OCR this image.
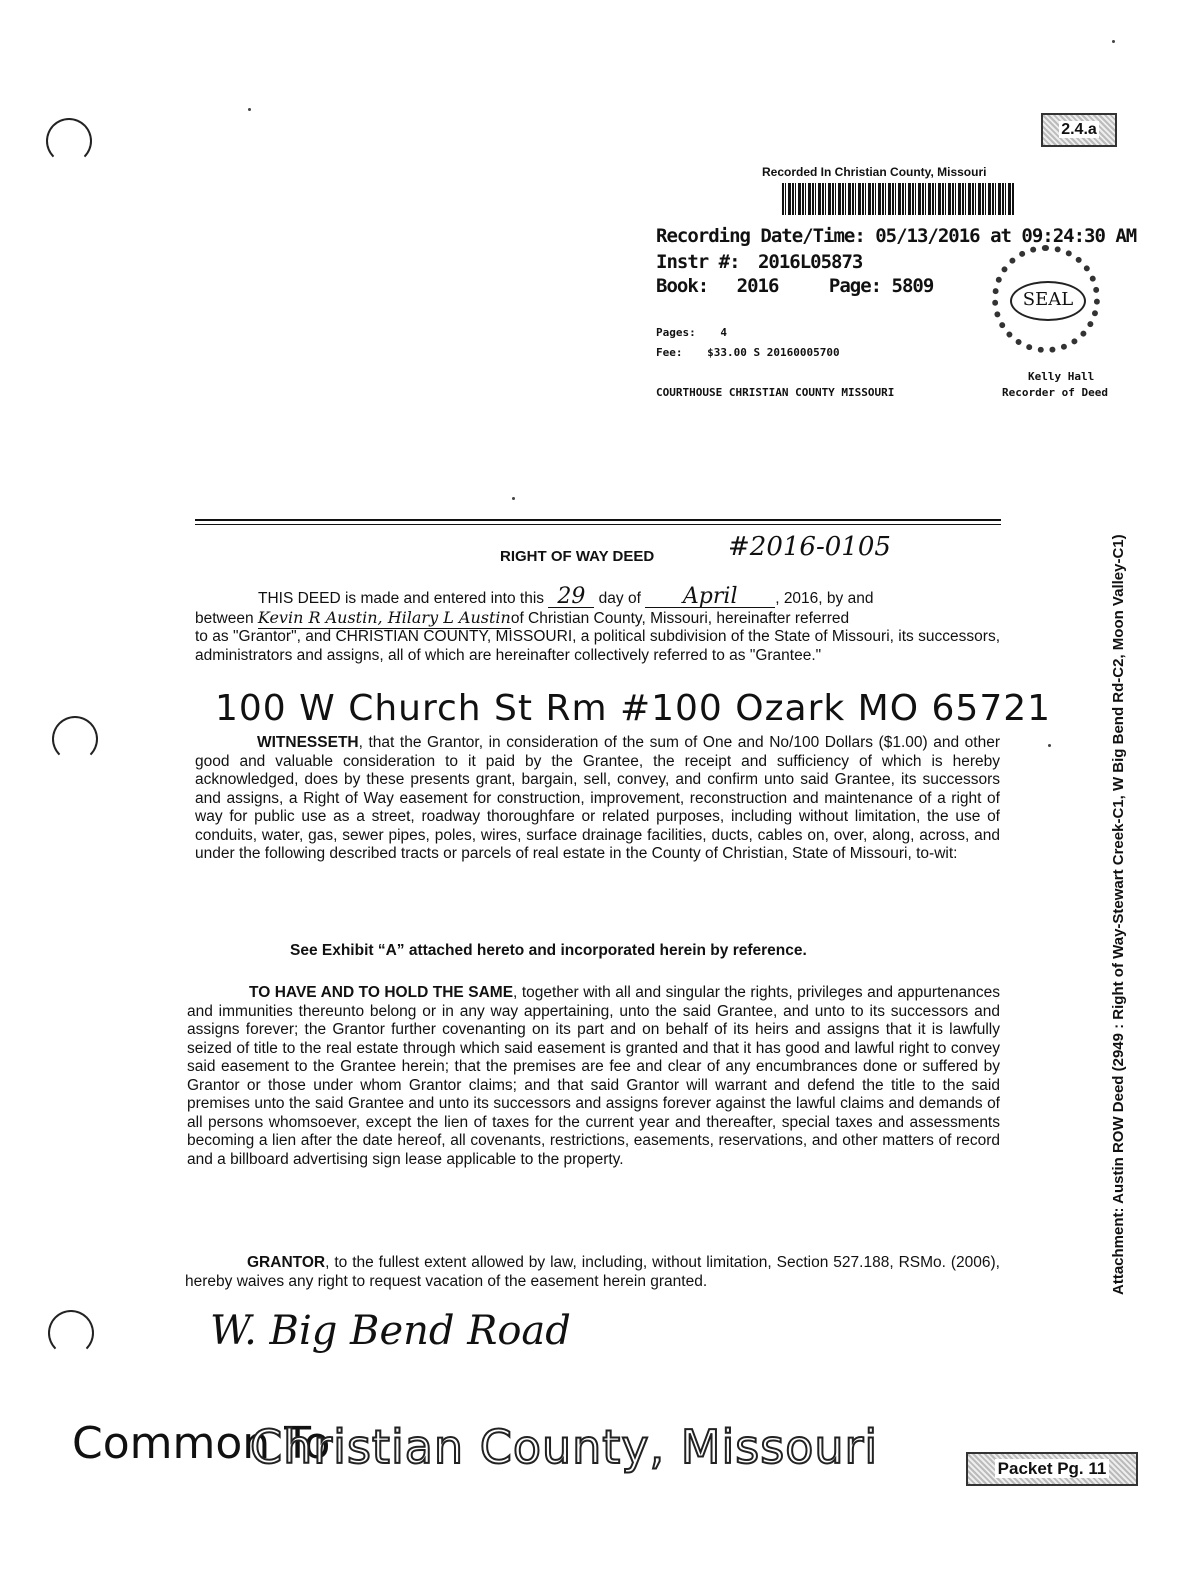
2.4.a
Recorded In Christian County, Missouri
Recording Date/Time: 05/13/2016 at 09:24:30 AM
Instr #: 2016L05873
Book: 2016	Page: 5809
Pages: 4
Fee: $33.00 S 20160005700
COURTHOUSE CHRISTIAN COUNTY MISSOURI
SEAL
Kelly Hall
Recorder of Deed
RIGHT OF WAY DEED	#2016-0105
THIS DEED is made and entered into this 29 day of April , 2016, by and
between Kevin R Austin, Hilary L Austinof Christian County, Missouri, hereinafter referred
to as "Grantor", and CHRISTIAN COUNTY, MISSOURI, a political subdivision of the State of Missouri, its successors, administrators and assigns, all of which are hereinafter collectively referred to as "Grantee."
100 W Church St Rm #100 Ozark MO 65721
WITNESSETH, that the Grantor, in consideration of the sum of One and No/100 Dollars ($1.00) and other good and valuable consideration to it paid by the Grantee, the receipt and sufficiency of which is hereby acknowledged, does by these presents grant, bargain, sell, convey, and confirm unto said Grantee, its successors and assigns, a Right of Way easement for construction, improvement, reconstruction and maintenance of a right of way for public use as a street, roadway thoroughfare or related purposes, including without limitation, the use of conduits, water, gas, sewer pipes, poles, wires, surface drainage facilities, ducts, cables on, over, along, across, and under the following described tracts or parcels of real estate in the County of Christian, State of Missouri, to-wit:
See Exhibit “A” attached hereto and incorporated herein by reference.
TO HAVE AND TO HOLD THE SAME, together with all and singular the rights, privileges and appurtenances and immunities thereunto belong or in any way appertaining, unto the said Grantee, and unto to its successors and assigns forever; the Grantor further covenanting on its part and on behalf of its heirs and assigns that it is lawfully seized of title to the real estate through which said easement is granted and that it has good and lawful right to convey said easement to the Grantee herein; that the premises are fee and clear of any encumbrances done or suffered by Grantor or those under whom Grantor claims; and that said Grantor will warrant and defend the title to the said premises unto the said Grantee and unto its successors and assigns forever against the lawful claims and demands of all persons whomsoever, except the lien of taxes for the current year and thereafter, special taxes and assessments becoming a lien after the date hereof, all covenants, restrictions, easements, reservations, and other matters of record and a billboard advertising sign lease applicable to the property.
GRANTOR, to the fullest extent allowed by law, including, without limitation, Section 527.188, RSMo. (2006), hereby waives any right to request vacation of the easement herein granted.
W. Big Bend Road
Common To
Christian County, Missouri	Packet Pg. 11
Attachment: Austin ROW Deed (2949 : Right of Way-Stewart Creek-C1, W Big Bend Rd-C2, Moon Valley-C1)
